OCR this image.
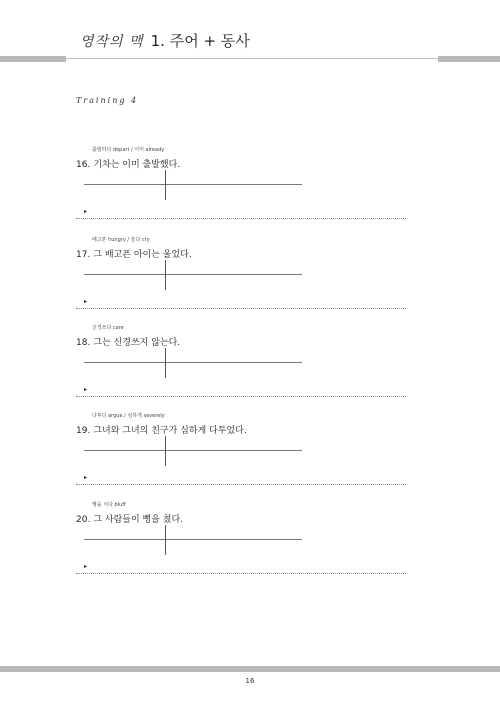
영작의 맥 1. 주어 + 동사
Training 4
출발하다 depart / 이미 already
16. 기차는 이미 출발했다.
▸
배고픈 hungry / 울다 cry
17. 그 배고픈 아이는 울었다.
▸
신경쓰다 care
18. 그는 신경쓰지 않는다.
▸
다투다 argue / 심하게 severely
19. 그녀와 그녀의 친구가 심하게 다투었다.
▸
뻥을 치다 bluff
20. 그 사람들이 뻥을 쳤다.
▸
16
